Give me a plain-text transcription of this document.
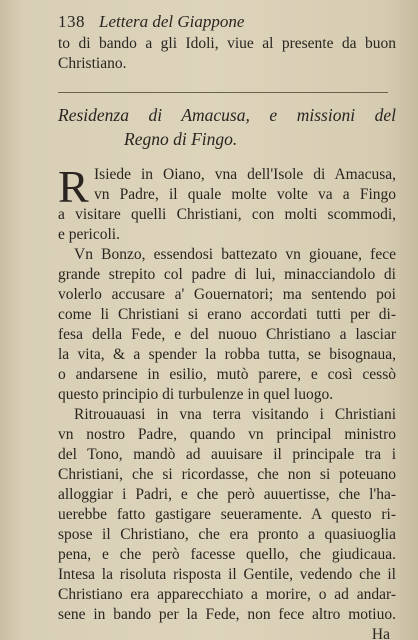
138 Lettera del Giappone
to di bando a gli Idoli, viue al presente da buon
Christiano.
Residenza di Amacusa, e missioni del
Regno di Fingo.
R Isiede in Oiano, vna dell'Isole di Amacusa,
vn Padre, il quale molte volte va a Fingo
a visitare quelli Christiani, con molti scommodi,
e pericoli.
Vn Bonzo, essendosi battezato vn giouane, fece
grande strepito col padre di lui, minacciandolo di
volerlo accusare a' Gouernatori; ma sentendo poi
come li Christiani si erano accordati tutti per di-
fesa della Fede, e del nuouo Christiano a lasciar
la vita, & a spender la robba tutta, se bisognaua,
o andarsene in esilio, mutò parere, e così cessò
questo principio di turbulenze in quel luogo.
Ritrouauasi in vna terra visitando i Christiani
vn nostro Padre, quando vn principal ministro
del Tono, mandò ad auuisare il principale tra i
Christiani, che si ricordasse, che non si poteuano
alloggiar i Padri, e che però auuertisse, che l'ha-
uerebbe fatto gastigare seueramente. A questo ri-
spose il Christiano, che era pronto a quasiuoglia
pena, e che però facesse quello, che giudicaua.
Intesa la risoluta risposta il Gentile, vedendo che il
Christiano era apparecchiato a morire, o ad andar-
sene in bando per la Fede, non fece altro motiuo.
Ha
